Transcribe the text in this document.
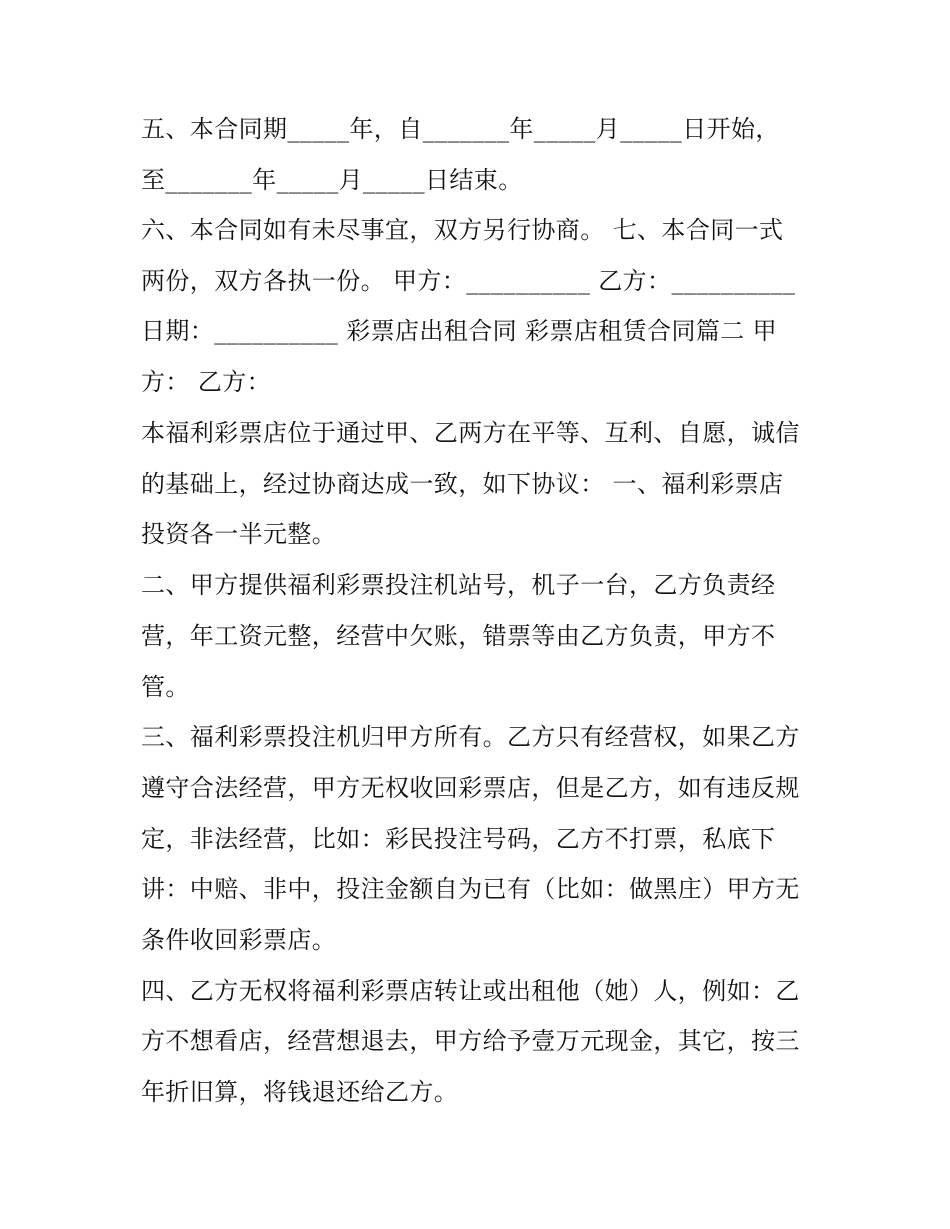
五、本合同期_____年，自_______年_____月_____日开始，

至_______年_____月_____日结束。

六、本合同如有未尽事宜，双方另行协商。 七、本合同一式

两份，双方各执一份。 甲方：__________ 乙方：__________

日期：__________ 彩票店出租合同 彩票店租赁合同篇二 甲

方： 乙方：

本福利彩票店位于通过甲、乙两方在平等、互利、自愿，诚信

的基础上，经过协商达成一致，如下协议： 一、福利彩票店

投资各一半元整。

二、甲方提供福利彩票投注机站号，机子一台，乙方负责经

营，年工资元整，经营中欠账，错票等由乙方负责，甲方不

管。

三、福利彩票投注机归甲方所有。乙方只有经营权，如果乙方

遵守合法经营，甲方无权收回彩票店，但是乙方，如有违反规

定，非法经营，比如：彩民投注号码，乙方不打票，私底下

讲：中赔、非中，投注金额自为已有（比如：做黑庄）甲方无

条件收回彩票店。

四、乙方无权将福利彩票店转让或出租他（她）人，例如：乙

方不想看店，经营想退去，甲方给予壹万元现金，其它，按三

年折旧算，将钱退还给乙方。
